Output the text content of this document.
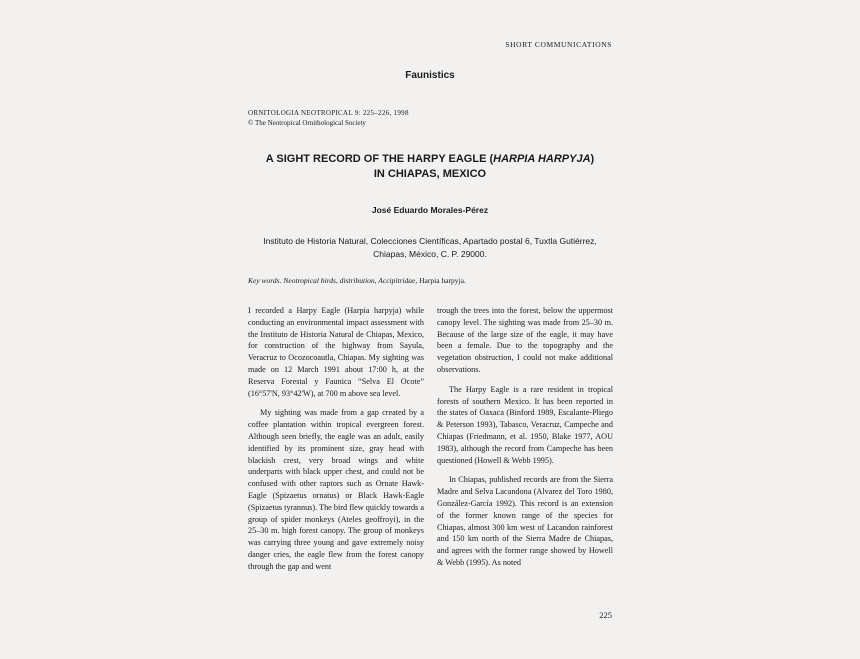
SHORT COMMUNICATIONS
Faunistics
ORNITOLOGIA NEOTROPICAL 9: 225–226, 1998
© The Neotropical Ornithological Society
A SIGHT RECORD OF THE HARPY EAGLE (HARPIA HARPYJA)
IN CHIAPAS, MEXICO
José Eduardo Morales-Pérez
Instituto de Historia Natural, Colecciones Científicas, Apartado postal 6, Tuxtla Gutiérrez,
Chiapas, México, C. P. 29000.
Key words. Neotropical birds, distribution, Accipitridae, Harpia harpyja.

I recorded a Harpy Eagle (Harpia harpyja) while conducting an environmental impact assessment with the Instituto de Historia Natural de Chiapas, Mexico, for construction of the highway from Sayula, Veracruz to Ocozocoautla, Chiapas. My sighting was made on 12 March 1991 about 17:00 h, at the Reserva Forestal y Faunica “Selva El Ocote” (16°57'N, 93°42'W), at 700 m above sea level.

My sighting was made from a gap created by a coffee plantation within tropical evergreen forest. Although seen briefly, the eagle was an adult, easily identified by its prominent size, gray head with blackish crest, very broad wings and white underparts with black upper chest, and could not be confused with other raptors such as Ornate Hawk-Eagle (Spizaetus ornatus) or Black Hawk-Eagle (Spizaetus tyrannus). The bird flew quickly towards a group of spider monkeys (Ateles geoffroyi), in the 25–30 m. high forest canopy. The group of monkeys was carrying three young and gave extremely noisy danger cries, the eagle flew from the forest canopy through the gap and went

trough the trees into the forest, below the uppermost canopy level. The sighting was made from 25–30 m. Because of the large size of the eagle, it may have been a female. Due to the topography and the vegetation obstruction, I could not make additional observations.

The Harpy Eagle is a rare resident in tropical forests of southern Mexico. It has been reported in the states of Oaxaca (Binford 1989, Escalante-Pliego & Peterson 1993), Tabasco, Veracruz, Campeche and Chiapas (Friedmann, et al. 1950, Blake 1977, AOU 1983), although the record from Campeche has been questioned (Howell & Webb 1995).

In Chiapas, published records are from the Sierra Madre and Selva Lacandona (Alvarez del Toro 1980, González-García 1992). This record is an extension of the former known range of the species for Chiapas, almost 300 km west of Lacandon rainforest and 150 km north of the Sierra Madre de Chiapas, and agrees with the former range showed by Howell & Webb (1995). As noted

225
